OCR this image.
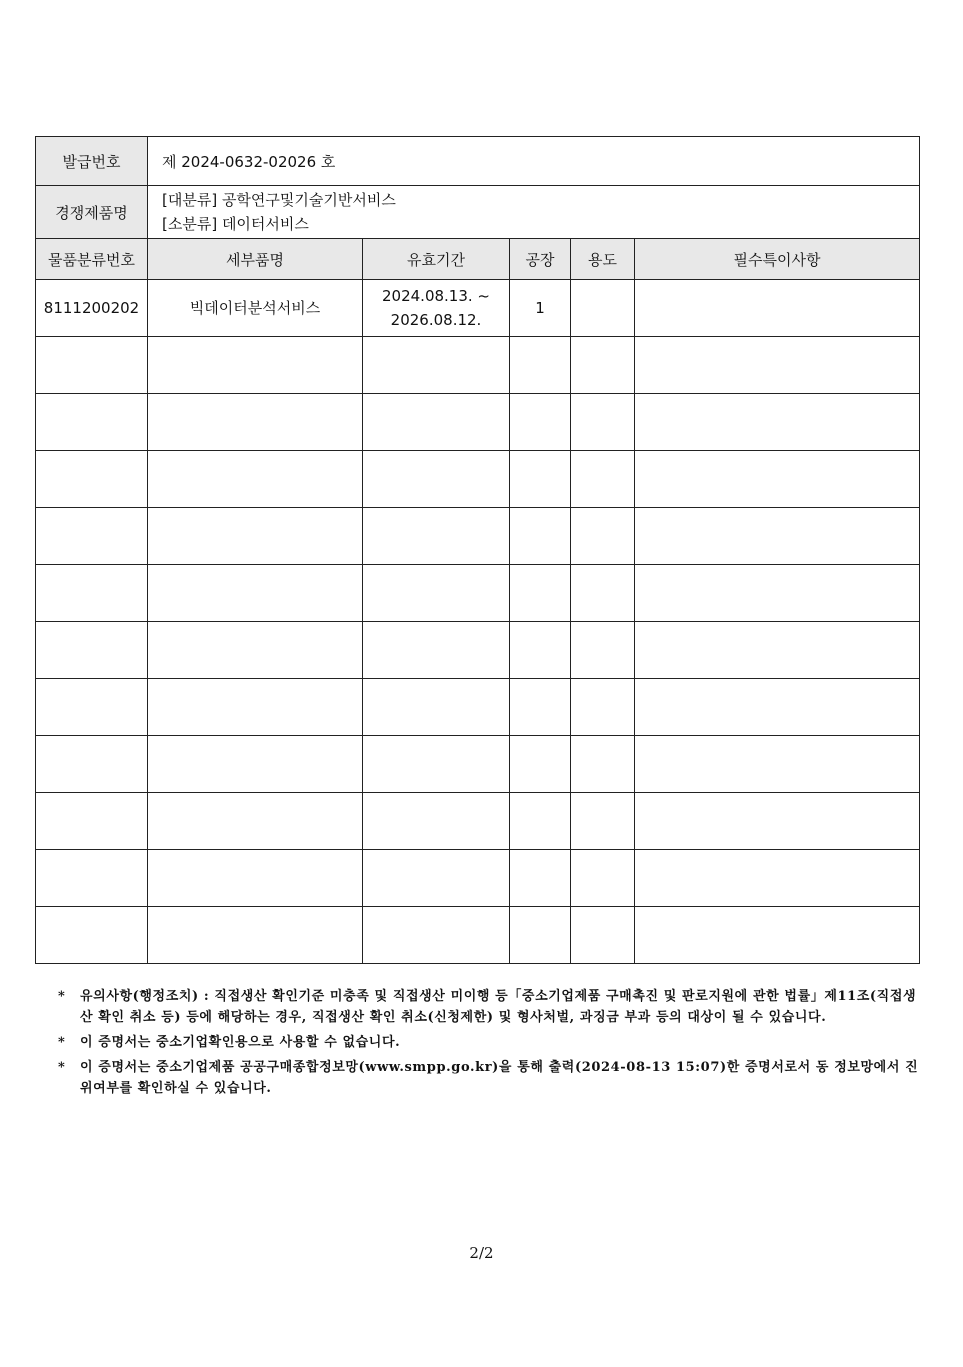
발급번호	제 2024-0632-02026 호				
경쟁제품명	[대분류] 공학연구및기술기반서비스
[소분류] 데이터서비스				

물품분류번호	세부품명	유효기간	공장	용도	필수특이사항
8111200202	빅데이터분석서비스	2024.08.13. ~
2026.08.12.	1		

*	유의사항(행정조치) : 직접생산 확인기준 미충족 및 직접생산 미이행 등「중소기업제품 구매촉진 및 판로지원에 관한 법률」제11조(직접생산 확인 취소 등) 등에 해당하는 경우, 직접생산 확인 취소(신청제한) 및 형사처벌, 과징금 부과 등의 대상이 될 수 있습니다.
*	이 증명서는 중소기업확인용으로 사용할 수 없습니다.
*	이 증명서는 중소기업제품 공공구매종합정보망(www.smpp.go.kr)을 통해 출력(2024-08-13 15:07)한 증명서로서 동 정보망에서 진위여부를 확인하실 수 있습니다.
2/2
